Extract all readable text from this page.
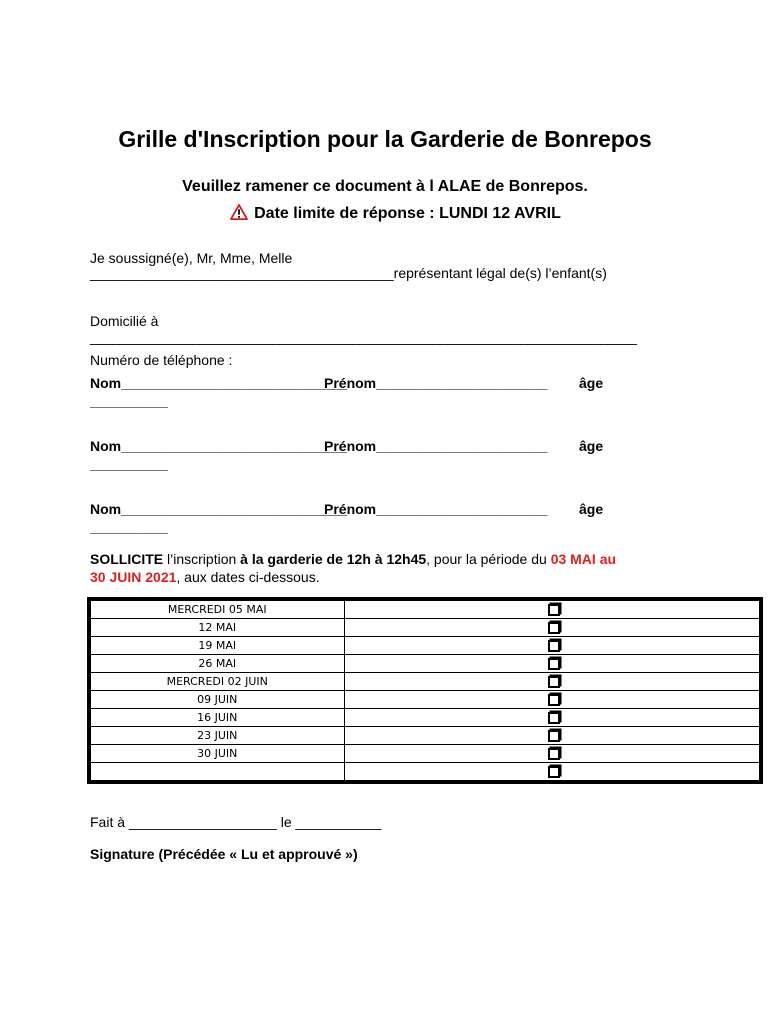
Grille d'Inscription pour la Garderie de Bonrepos
Veuillez ramener ce document à l ALAE de Bonrepos.
Date limite de réponse : LUNDI 12 AVRIL
Je soussigné(e), Mr, Mme, Melle
_______________________________________représentant légal de(s) l’enfant(s)
Domicilié à
___________________________________________________________________________
Numéro de téléphone :
Nom_____________________________
Prénom______________________ âge
__________
Nom_____________________________
Prénom______________________ âge
__________
Nom_____________________________
Prénom______________________ âge
__________
SOLLICITE l’inscription à la garderie de 12h à 12h45, pour la période du 03 MAI au
30 JUIN 2021, aux dates ci-dessous.
MERCREDI 05 MAI	
12 MAI	
19 MAI	
26 MAI	
MERCREDI 02 JUIN	
09 JUIN	
16 JUIN	
23 JUIN	
30 JUIN	

Fait à ___________________ le ___________
Signature (Précédée « Lu et approuvé »)
